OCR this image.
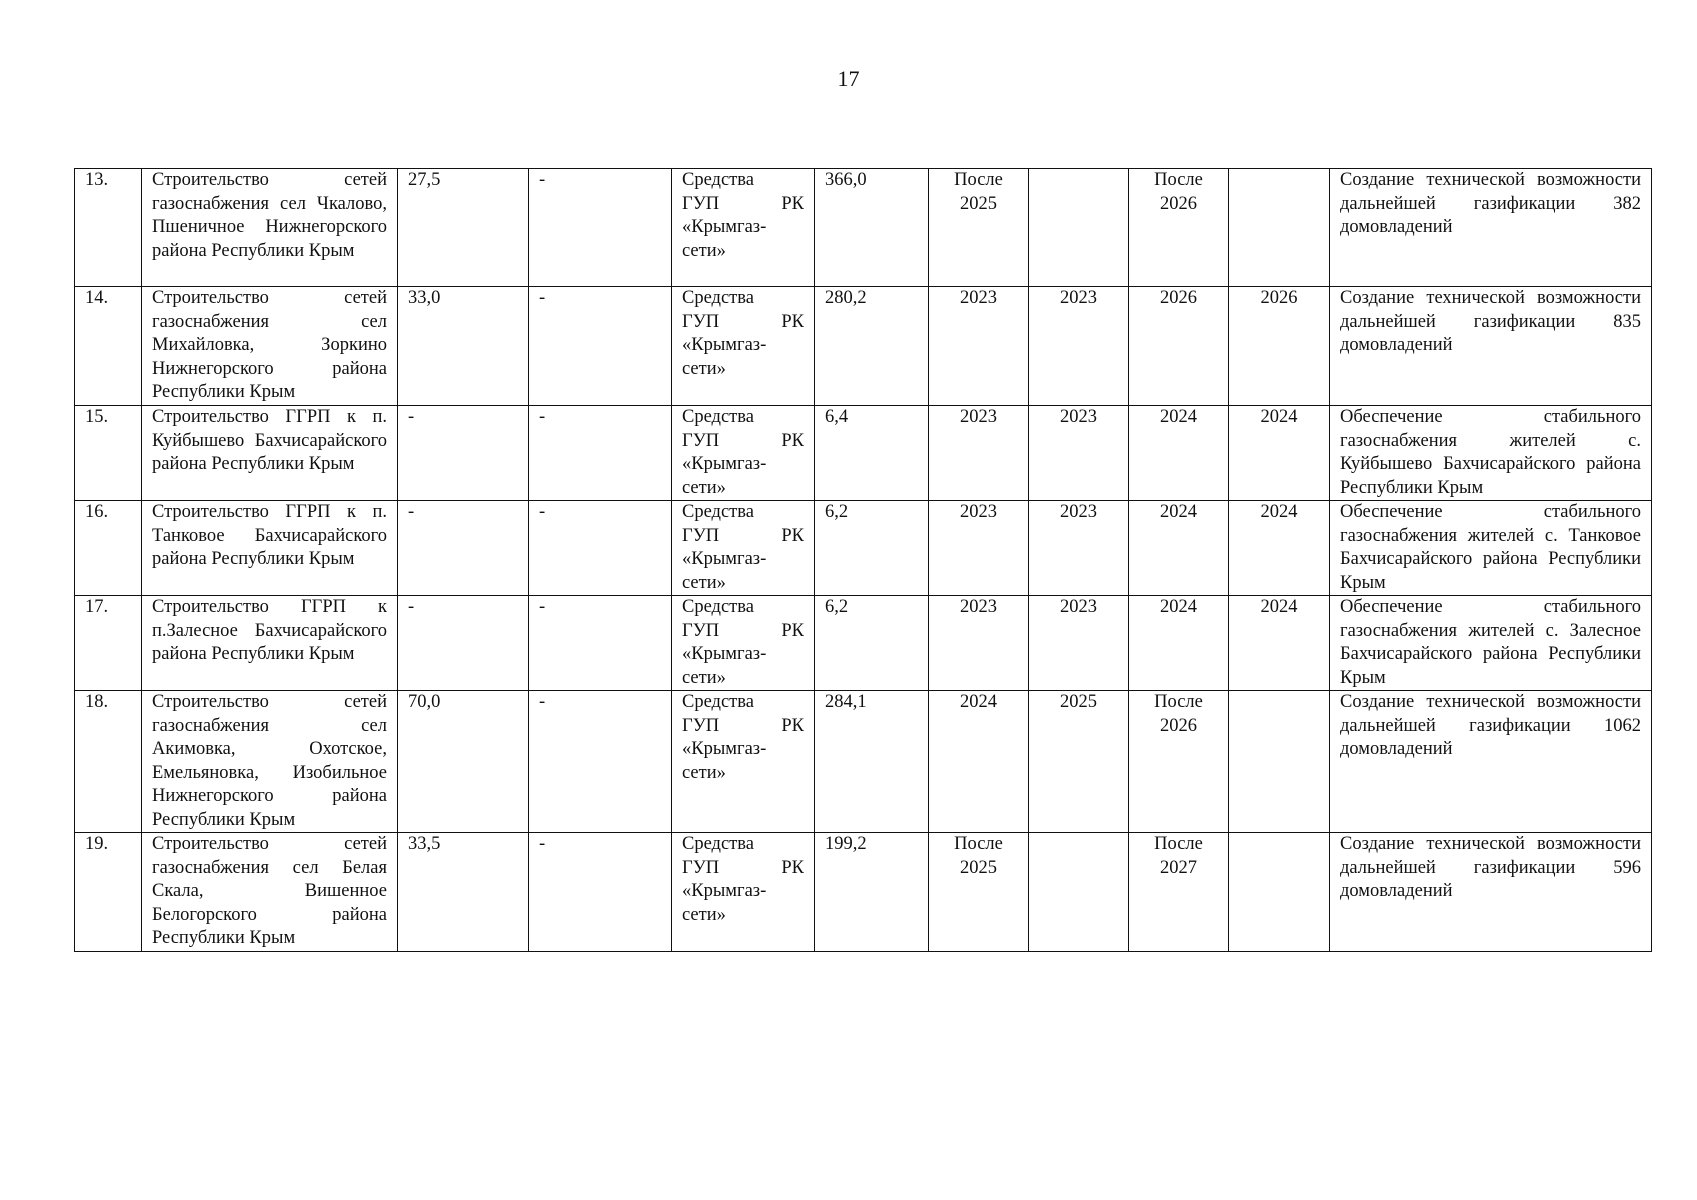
17
13.	Строительство сетей газоснабжения сел Чкалово, Пшеничное Нижнегорского района Республики Крым	27,5	-	Средства
ГУП РК
«Крымгаз-
сети»	366,0	После
2025		После
2026		Создание технической возможности дальнейшей газификации 382 домовладений

14.	Строительство сетей газоснабжения сел Михайловка, Зоркино Нижнегорского района Республики Крым	33,0	-	Средства
ГУП РК
«Крымгаз-
сети»	280,2	2023	2023	2026	2026	Создание технической возможности дальнейшей газификации 835 домовладений

15.	Строительство ГГРП к п. Куйбышево Бахчисарайского района Республики Крым	-	-	Средства
ГУП РК
«Крымгаз-
сети»	6,4	2023	2023	2024	2024	Обеспечение стабильного газоснабжения жителей с. Куйбышево Бахчисарайского района Республики Крым

16.	Строительство ГГРП к п. Танковое Бахчисарайского района Республики Крым	-	-	Средства
ГУП РК
«Крымгаз-
сети»	6,2	2023	2023	2024	2024	Обеспечение стабильного газоснабжения жителей с. Танковое Бахчисарайского района Республики Крым

17.	Строительство ГГРП к п.Залесное Бахчисарайского района Республики Крым	-	-	Средства
ГУП РК
«Крымгаз-
сети»	6,2	2023	2023	2024	2024	Обеспечение стабильного газоснабжения жителей с. Залесное Бахчисарайского района Республики Крым

18.	Строительство сетей газоснабжения сел Акимовка, Охотское, Емельяновка, Изобильное Нижнегорского района Республики Крым	70,0	-	Средства
ГУП РК
«Крымгаз-
сети»	284,1	2024	2025	После
2026		Создание технической возможности дальнейшей газификации 1062 домовладений

19.	Строительство сетей газоснабжения сел Белая Скала, Вишенное Белогорского района Республики Крым	33,5	-	Средства
ГУП РК
«Крымгаз-
сети»	199,2	После
2025		После
2027		Создание технической возможности дальнейшей газификации 596 домовладений
